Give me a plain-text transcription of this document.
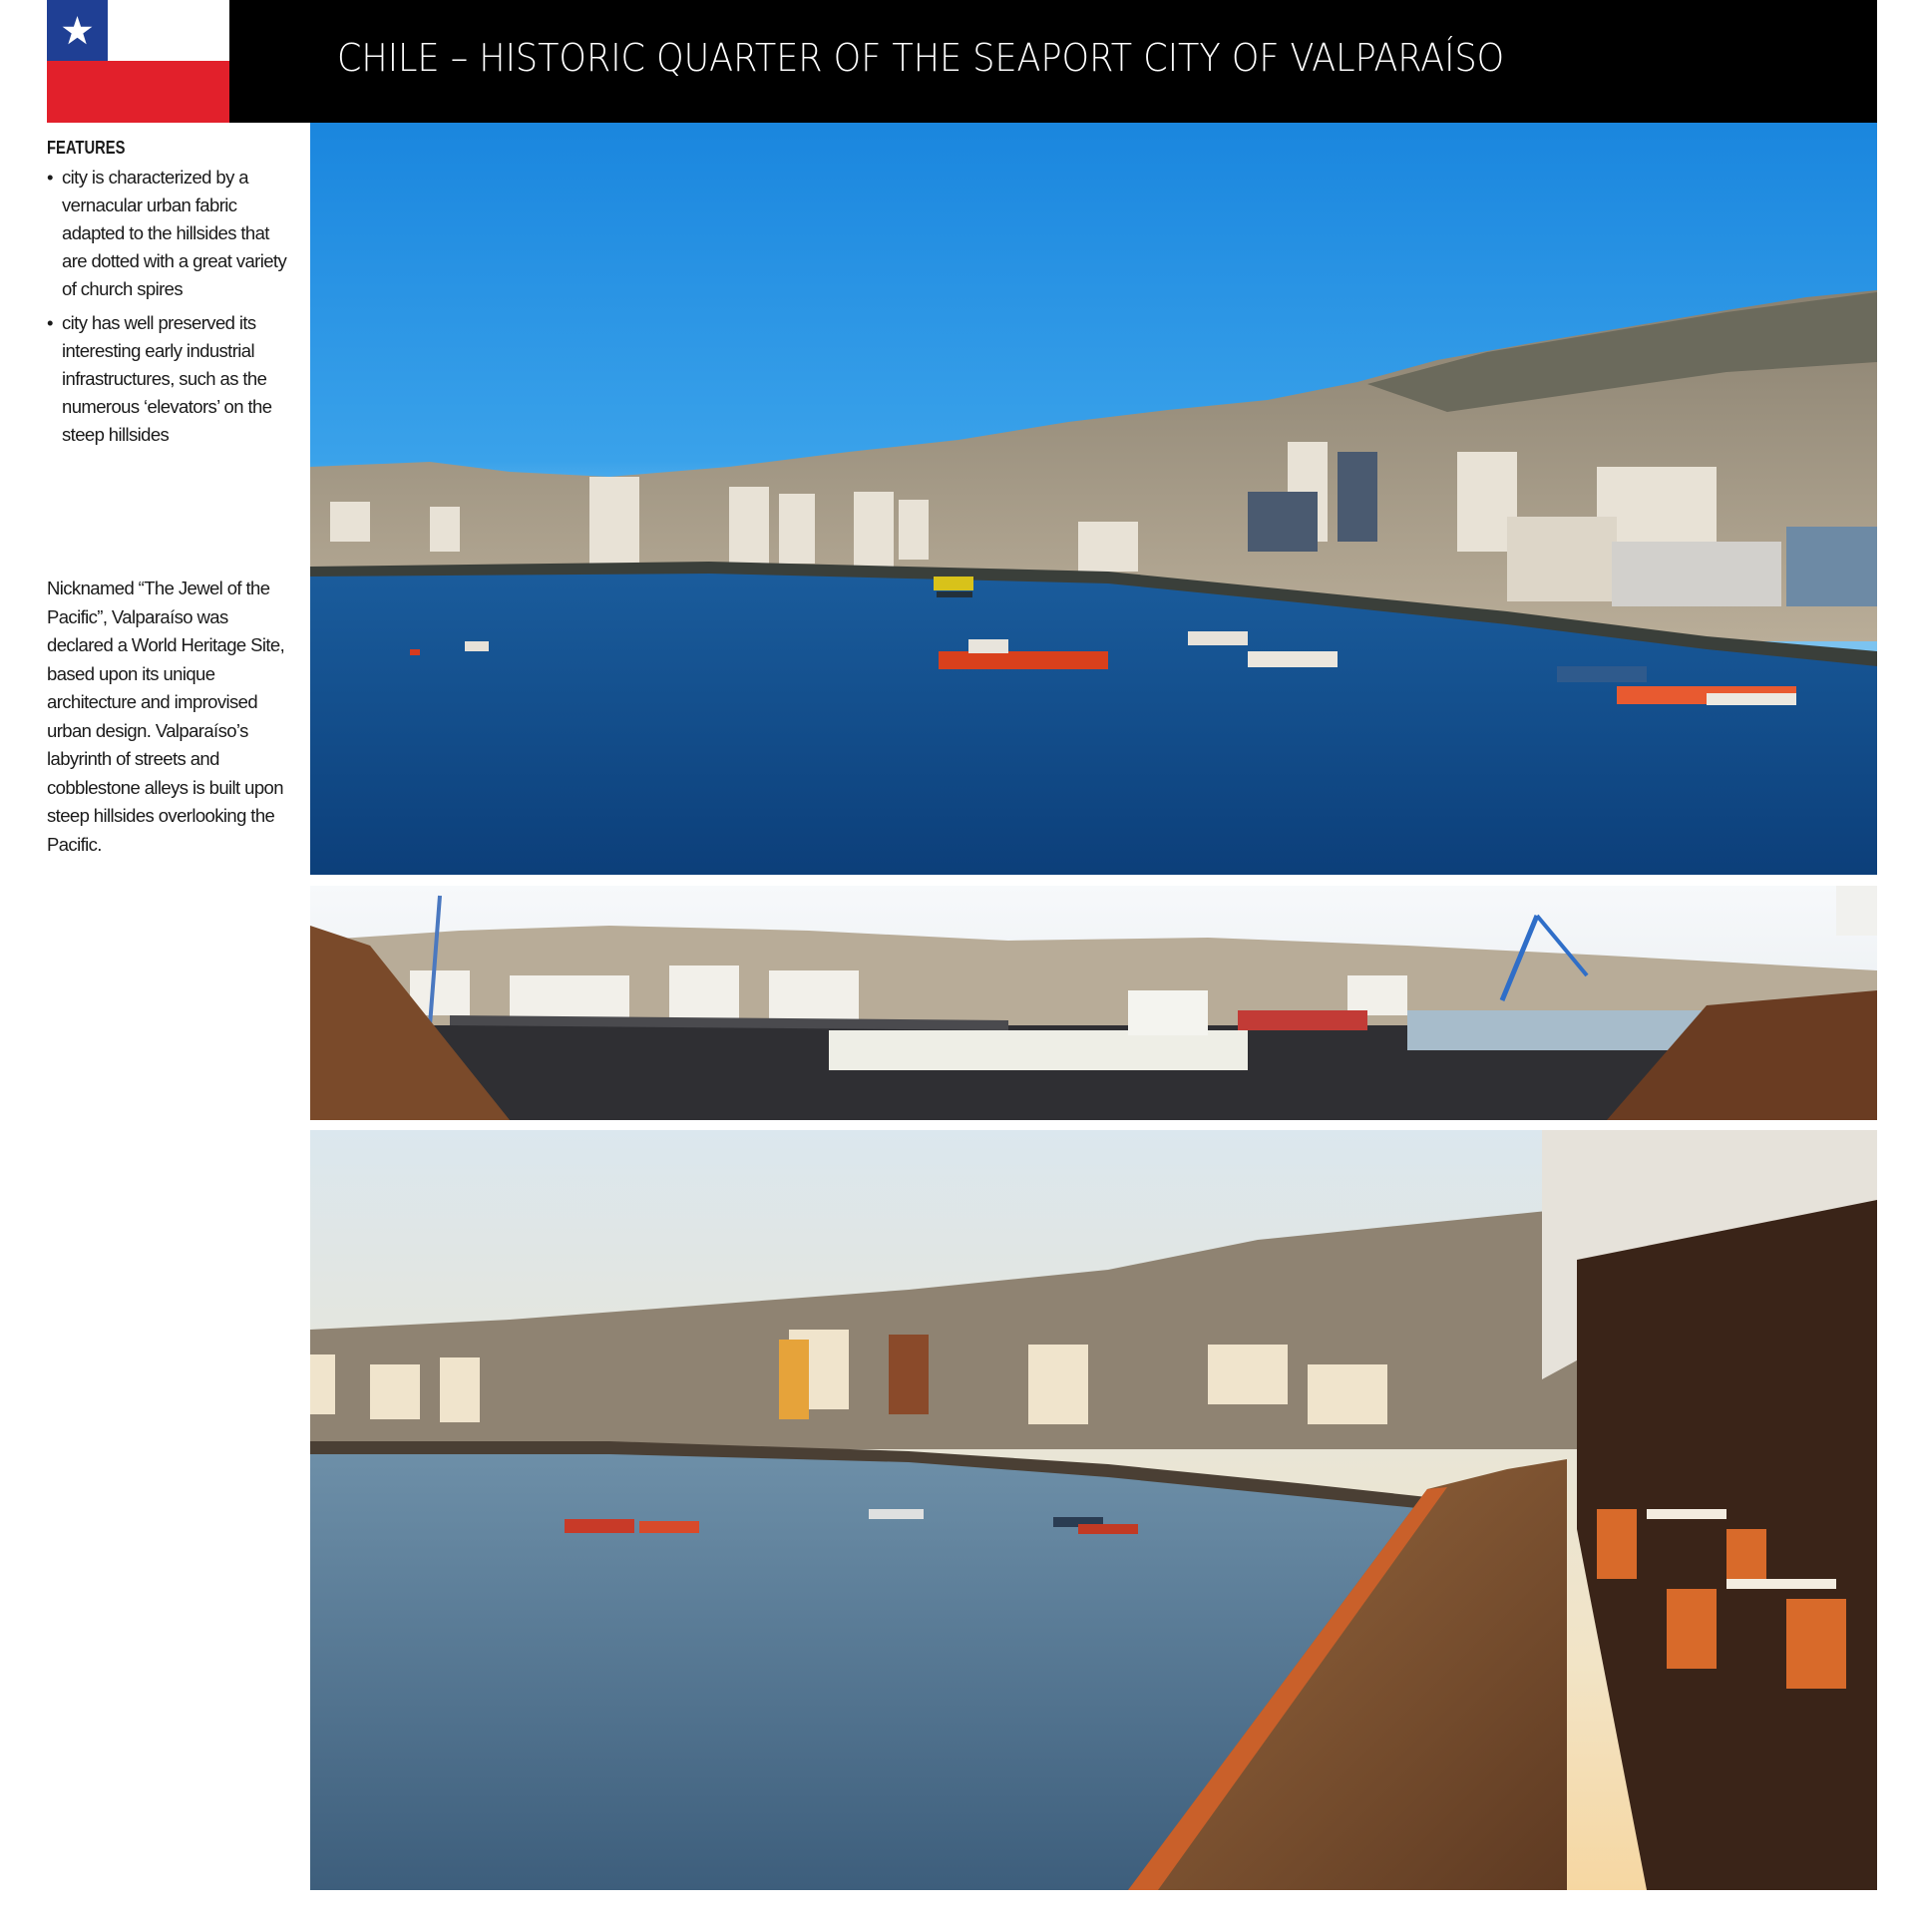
CHILE – HISTORIC QUARTER OF THE SEAPORT CITY OF VALPARAÍSO
FEATURES
• city is characterized by a vernacular urban fabric adapted to the hillsides that are dotted with a great variety of church spires
• city has well preserved its interesting early industrial infrastructures, such as the numerous ‘elevators’ on the steep hillsides

Nicknamed “The Jewel of the Pacific”, Valparaíso was declared a World Heritage Site, based upon its unique architecture and improvised urban design. Valparaíso’s labyrinth of streets and cobblestone alleys is built upon steep hillsides overlooking the Pacific.
